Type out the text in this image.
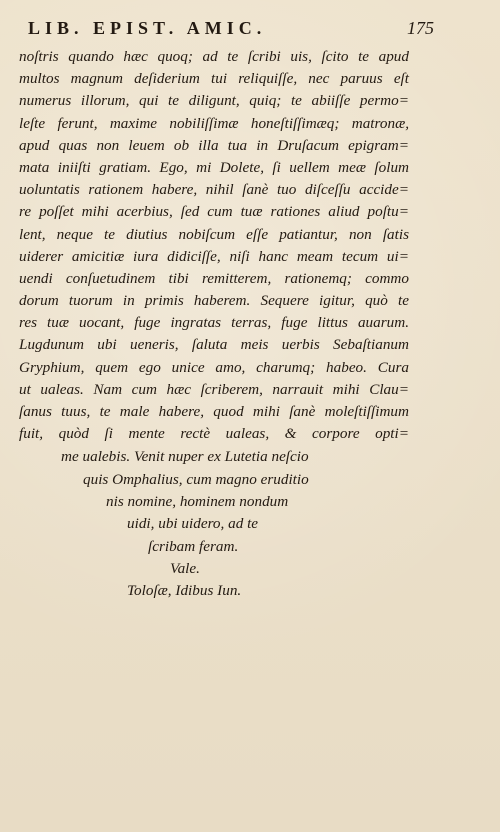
LIB. EPIST. AMIC.	175
noſtris quando hæc quoq; ad te ſcribi uis, ſcito te apud
multos magnum deſiderium tui reliquiſſe, nec paruus eſt
numerus illorum, qui te diligunt, quiq; te abiiſſe permo=
leſte ferunt, maxime nobiliſſimæ honeſtiſſimæq; matronæ,
apud quas non leuem ob illa tua in Druſacum epigram=
mata iniiſti gratiam. Ego, mi Dolete, ſi uellem meæ ſolum
uoluntatis rationem habere, nihil ſanè tuo diſceſſu accide=
re poſſet mihi acerbius, ſed cum tuæ rationes aliud poſtu=
lent, neque te diutius nobiſcum eſſe patiantur, non ſatis
uiderer amicitiæ iura didiciſſe, niſi hanc meam tecum ui=
uendi conſuetudinem tibi remitterem, rationemq; commo
dorum tuorum in primis haberem. Sequere igitur, quò te
res tuæ uocant, fuge ingratas terras, fuge littus auarum.
Lugdunum ubi ueneris, ſaluta meis uerbis Sebaſtianum
Gryphium, quem ego unice amo, charumq; habeo. Cura
ut ualeas. Nam cum hæc ſcriberem, narrauit mihi Clau=
ſanus tuus, te male habere, quod mihi ſanè moleſtiſſimum
fuit, quòd ſi mente rectè ualeas, & corpore opti=
me ualebis. Venit nuper ex Lutetia neſcio
quis Omphalius, cum magno eruditio
nis nomine, hominem nondum
uidi, ubi uidero, ad te
ſcribam feram.
Vale.
Toloſæ, Idibus Iun.
